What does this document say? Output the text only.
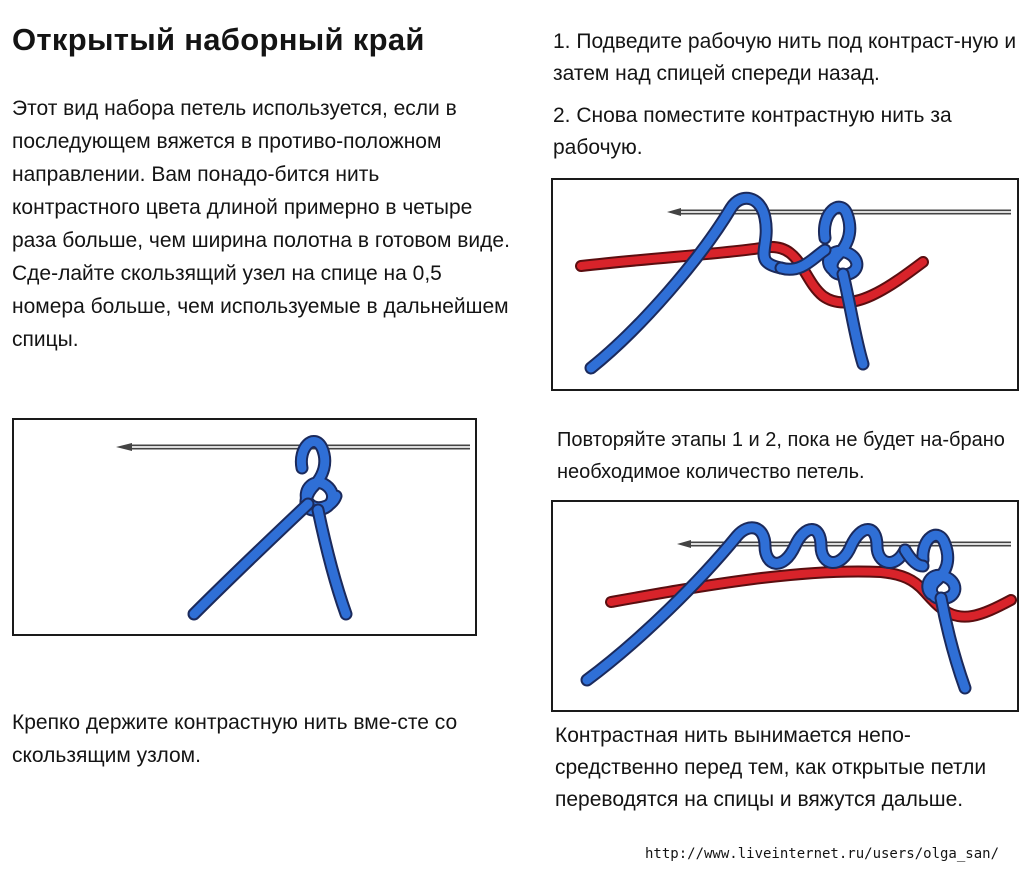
Открытый наборный край

Этот вид набора петель используется, если в последующем вяжется в противо-положном направлении. Вам понадо-бится нить контрастного цвета длиной примерно в четыре раза больше, чем ширина полотна в готовом виде. Сде-лайте скользящий узел на спице на 0,5 номера больше, чем используемые в дальнейшем спицы.

1. Подведите рабочую нить под контраст-ную и затем над спицей спереди назад.

2. Снова поместите контрастную нить за рабочую.

Повторяйте этапы 1 и 2, пока не будет на-брано необходимое количество петель.

Крепко держите контрастную нить вме-сте со скользящим узлом.

Контрастная нить вынимается непо-средственно перед тем, как открытые петли переводятся на спицы и вяжутся дальше.

http://www.liveinternet.ru/users/olga_san/
